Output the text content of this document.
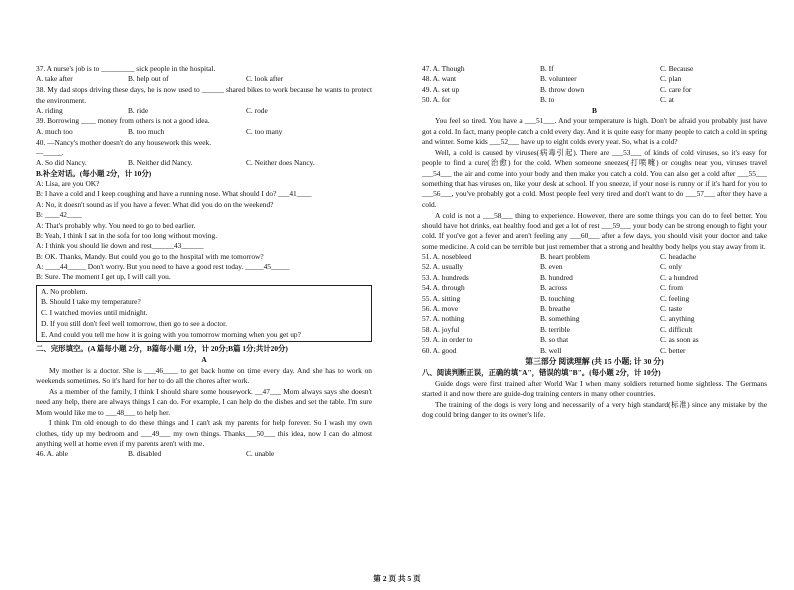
37. A nurse's job is to _________ sick people in the hospital.

A. take after	B. help out of	C. look after

38. My dad stops driving these days, he is now used to ______ shared bikes to work because he wants to protect the environment.

A. riding	B. ride	C. rode

39. Borrowing ____ money from others is not a good idea.

A. much too	B. too much	C. too many

40. —Nancy's mother doesn't do any housework this week.
—_____.

A. So did Nancy.	B. Neither did Nancy.	C. Neither does Nancy.

B.补全对话。(每小题 2分，计 10分)

A: Lisa, are you OK?

B: I have a cold and I keep coughing and have a running nose. What should I do? ___41____

A: No, it doesn't sound as if you have a fever. What did you do on the weekend?

B: ____42____

A: That's probably why. You need to go to bed earlier.

B: Yeah, I think I sat in the sofa for too long without moving.

A: I think you should lie down and rest______43______

B: OK. Thanks, Mandy. But could you go to the hospital with me tomorrow?

A: ____44_____ Don't worry. But you need to have a good rest today. _____45_____

B: Sure. The moment I get up, I will call you.

A. No problem.

B. Should I take my temperature?

C. I watched movies until midnight.

D. If you still don't feel well tomorrow, then go to see a doctor.

E. And could you tell me how it is going with you tomorrow morning when you get up?

二、完形填空。(A 篇每小题 2分，B篇每小题 1分，计 20分;B篇 1分;共计20分)

A

My mother is a doctor. She is ___46____ to get back home on time every day. And she has to work on weekends sometimes. So it's hard for her to do all the chores after work.

As a member of the family, I think I should share some housework. __47___ Mom always says she doesn't need any help, there are always things I can do. For example, I can help do the dishes and set the table. I'm sure Mom would like me to ___48___ to help her.

I think I'm old enough to do these things and I can't ask my parents for help forever. So I wash my own clothes, tidy up my bedroom and ___49___ my own things. Thanks___50___ this idea, now I can do almost anything well at home even if my parents aren't with me.

46. A. able	B. disabled	C. unable
47. A. Though	B. If	C. Because
48. A. want	B. volunteer	C. plan
49. A. set up	B. throw down	C. care for
50. A. for	B. to	C. at

B

You feel so tired. You have a ___51___. And your temperature is high. Don't be afraid you probably just have got a cold. In fact, many people catch a cold every day. And it is quite easy for many people to catch a cold in spring and winter. Some kids ___52___ have up to eight colds every year. So, what is a cold?

Well, a cold is caused by viruses(病毒引起). There are ___53___ of kinds of cold viruses, so it's easy for people to find a cure(治愈) for the cold. When someone sneezes(打喷嚏) or coughs near you, viruses travel ___54___ the air and come into your body and then make you catch a cold. You can also get a cold after ___55___ something that has viruses on, like your desk at school. If you sneeze, if your nose is runny or if it's hard for you to ___56___, you've probably got a cold. Most people feel very tired and don't want to do ___57___ after they have a cold.

A cold is not a ___58___ thing to experience. However, there are some things you can do to feel better. You should have hot drinks, eat healthy food and get a lot of rest ___59___ your body can be strong enough to fight your cold. If you've got a fever and aren't feeling any ___60___ after a few days, you should visit your doctor and take some medicine. A cold can be terrible but just remember that a strong and healthy body helps you stay away from it.

51. A. nosebleed	B. heart problem	C. headache
52. A. usually	B. even	C. only
53. A. hundreds	B. hundred	C. a hundred
54. A. through	B. across	C. from
55. A. sitting	B. touching	C. feeling
56. A. move	B. breathe	C. taste
57. A. nothing	B. something	C. anything
58. A. joyful	B. terrible	C. difficult
59. A. in order to	B. so that	C. as soon as
60. A. good	B. well	C. better

第三部分 阅读理解 (共 15 小题; 计 30 分)

八、阅读判断正误，正确的填"A"，错误的填"B"。(每小题 2分，计 10分)

Guide dogs were first trained after World War I when many soldiers returned home sightless. The Germans started it and now there are guide-dog training centers in many other countries.

The training of the dogs is very long and necessarily of a very high standard(标准) since any mistake by the dog could bring danger to its owner's life.

第 2 页 共 5 页
